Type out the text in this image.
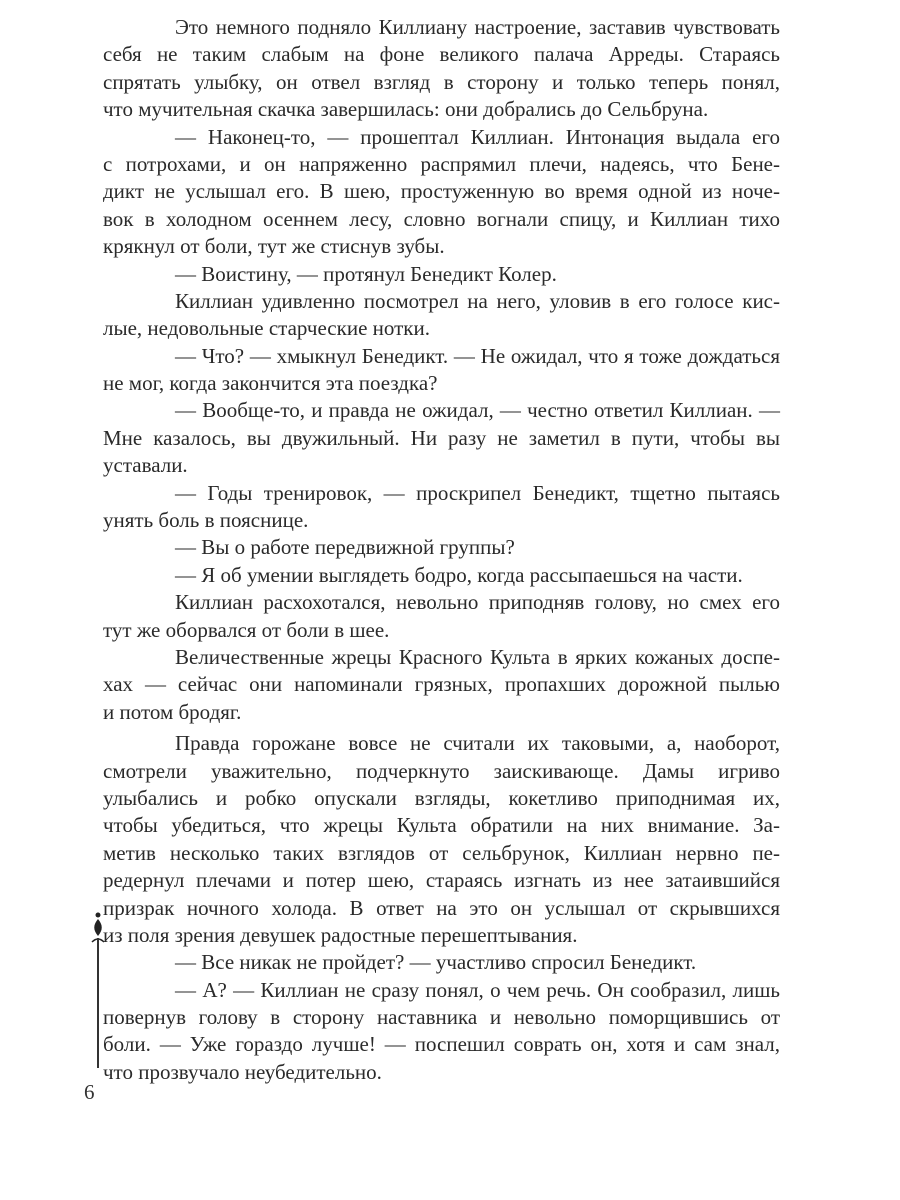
Это немного подняло Киллиану настроение, заставив чувствовать
себя не таким слабым на фоне великого палача Арреды. Стараясь
спрятать улыбку, он отвел взгляд в сторону и только теперь понял,
что мучительная скачка завершилась: они добрались до Сельбруна.
— Наконец-то, — прошептал Киллиан. Интонация выдала его
с потрохами, и он напряженно распрямил плечи, надеясь, что Бене-
дикт не услышал его. В шею, простуженную во время одной из ноче-
вок в холодном осеннем лесу, словно вогнали спицу, и Киллиан тихо
крякнул от боли, тут же стиснув зубы.
— Воистину, — протянул Бенедикт Колер.
Киллиан удивленно посмотрел на него, уловив в его голосе кис-
лые, недовольные старческие нотки.
— Что? — хмыкнул Бенедикт. — Не ожидал, что я тоже дождаться
не мог, когда закончится эта поездка?
— Вообще-то, и правда не ожидал, — честно ответил Киллиан. —
Мне казалось, вы двужильный. Ни разу не заметил в пути, чтобы вы
уставали.
— Годы тренировок, — проскрипел Бенедикт, тщетно пытаясь
унять боль в пояснице.
— Вы о работе передвижной группы?
— Я об умении выглядеть бодро, когда рассыпаешься на части.
Киллиан расхохотался, невольно приподняв голову, но смех его
тут же оборвался от боли в шее.
Величественные жрецы Красного Культа в ярких кожаных доспе-
хах — сейчас они напоминали грязных, пропахших дорожной пылью
и потом бродяг.
Правда горожане вовсе не считали их таковыми, а, наоборот,
смотрели уважительно, подчеркнуто заискивающе. Дамы игриво
улыбались и робко опускали взгляды, кокетливо приподнимая их,
чтобы убедиться, что жрецы Культа обратили на них внимание. За-
метив несколько таких взглядов от сельбрунок, Киллиан нервно пе-
редернул плечами и потер шею, стараясь изгнать из нее затаившийся
призрак ночного холода. В ответ на это он услышал от скрывшихся
из поля зрения девушек радостные перешептывания.
— Все никак не пройдет? — участливо спросил Бенедикт.
— А? — Киллиан не сразу понял, о чем речь. Он сообразил, лишь
повернув голову в сторону наставника и невольно поморщившись от
боли. — Уже гораздо лучше! — поспешил соврать он, хотя и сам знал,
что прозвучало неубедительно.
6
